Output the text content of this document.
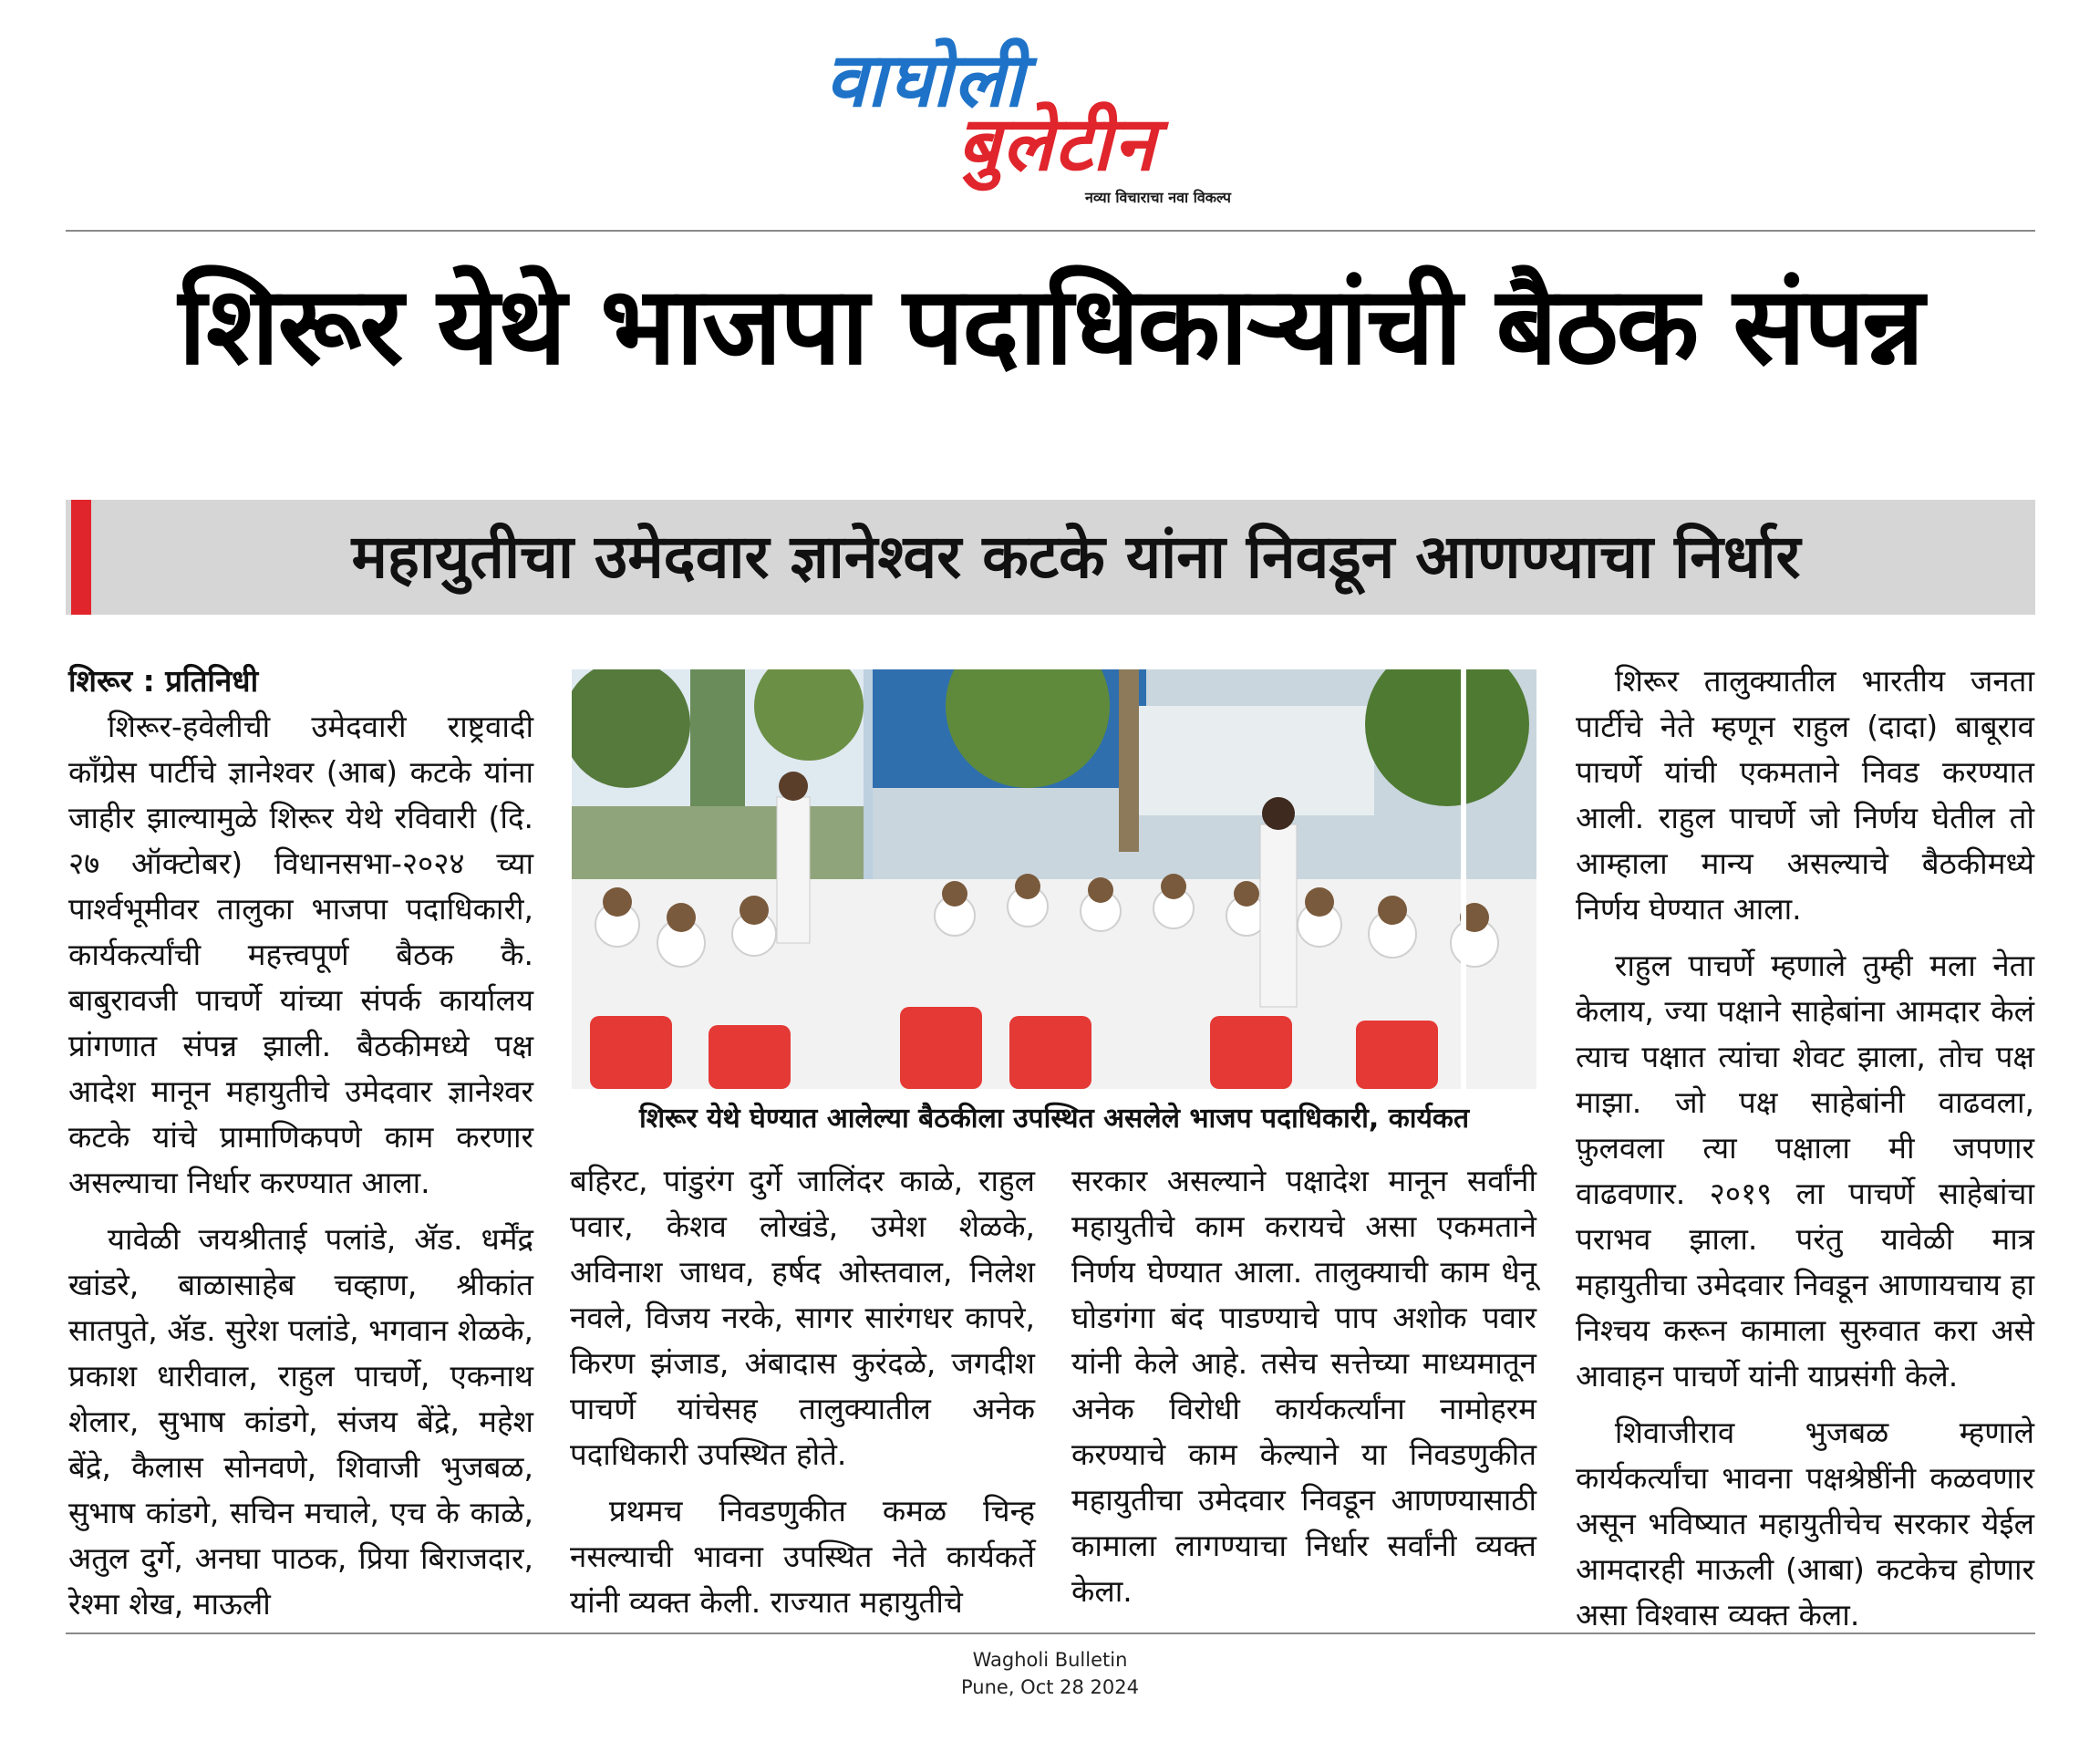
वाघोली
बुलेटीन
नव्या विचाराचा नवा विकल्प
शिरूर येथे भाजपा पदाधिकाऱ्यांची बैठक संपन्न
महायुतीचा उमेदवार ज्ञानेश्वर कटके यांना निवडून आणण्याचा निर्धार

शिरूर : प्रतिनिधी

शिरूर-हवेलीची उमेदवारी राष्ट्रवादी काँग्रेस पार्टीचे ज्ञानेश्वर (आब) कटके यांना जाहीर झाल्यामुळे शिरूर येथे रविवारी (दि. २७ ऑक्टोबर) विधानसभा-२०२४ च्या पार्श्वभूमीवर तालुका भाजपा पदाधिकारी, कार्यकर्त्यांची महत्त्वपूर्ण बैठक कै. बाबुरावजी पाचर्णे यांच्या संपर्क कार्यालय प्रांगणात संपन्न झाली. बैठकीमध्ये पक्ष आदेश मानून महायुतीचे उमेदवार ज्ञानेश्वर कटके यांचे प्रामाणिकपणे काम करणार असल्याचा निर्धार करण्यात आला.

यावेळी जयश्रीताई पलांडे, ॲड. धर्मेंद्र खांडरे, बाळासाहेब चव्हाण, श्रीकांत सातपुते, ॲड. सुरेश पलांडे, भगवान शेळके, प्रकाश धारीवाल, राहुल पाचर्णे, एकनाथ शेलार, सुभाष कांडगे, संजय बेंद्रे, महेश बेंद्रे, कैलास सोनवणे, शिवाजी भुजबळ, सुभाष कांडगे, सचिन मचाले, एच के काळे, अतुल दुर्गे, अनघा पाठक, प्रिया बिराजदार, रेश्मा शेख, माऊली

शिरूर येथे घेण्यात आलेल्या बैठकीला उपस्थित असलेले भाजप पदाधिकारी, कार्यकत

बहिरट, पांडुरंग दुर्गे जालिंदर काळे, राहुल पवार, केशव लोखंडे, उमेश शेळके, अविनाश जाधव, हर्षद ओस्तवाल, निलेश नवले, विजय नरके, सागर सारंगधर कापरे, किरण झंजाड, अंबादास कुरंदळे, जगदीश पाचर्णे यांचेसह तालुक्यातील अनेक पदाधिकारी उपस्थित होते.

प्रथमच निवडणुकीत कमळ चिन्ह नसल्याची भावना उपस्थित नेते कार्यकर्ते यांनी व्यक्त केली. राज्यात महायुतीचे

सरकार असल्याने पक्षादेश मानून सर्वांनी महायुतीचे काम करायचे असा एकमताने निर्णय घेण्यात आला. तालुक्याची काम धेनू घोडगंगा बंद पाडण्याचे पाप अशोक पवार यांनी केले आहे. तसेच सत्तेच्या माध्यमातून अनेक विरोधी कार्यकर्त्यांना नामोहरम करण्याचे काम केल्याने या निवडणुकीत महायुतीचा उमेदवार निवडून आणण्यासाठी कामाला लागण्याचा निर्धार सर्वांनी व्यक्त केला.

शिरूर तालुक्यातील भारतीय जनता पार्टीचे नेते म्हणून राहुल (दादा) बाबूराव पाचर्णे यांची एकमताने निवड करण्यात आली. राहुल पाचर्णे जो निर्णय घेतील तो आम्हाला मान्य असल्याचे बैठकीमध्ये निर्णय घेण्यात आला.

राहुल पाचर्णे म्हणाले तुम्ही मला नेता केलाय, ज्या पक्षाने साहेबांना आमदार केलं त्याच पक्षात त्यांचा शेवट झाला, तोच पक्ष माझा. जो पक्ष साहेबांनी वाढवला, फ़ुलवला त्या पक्षाला मी जपणार वाढवणार. २०१९ ला पाचर्णे साहेबांचा पराभव झाला. परंतु यावेळी मात्र महायुतीचा उमेदवार निवडून आणायचाय हा निश्चय करून कामाला सुरुवात करा असे आवाहन पाचर्णे यांनी याप्रसंगी केले.

शिवाजीराव भुजबळ म्हणाले कार्यकर्त्यांचा भावना पक्षश्रेष्ठींनी कळवणार असून भविष्यात महायुतीचेच सरकार येईल आमदारही माऊली (आबा) कटकेच होणार असा विश्वास व्यक्त केला.

Wagholi Bulletin
Pune, Oct 28 2024
